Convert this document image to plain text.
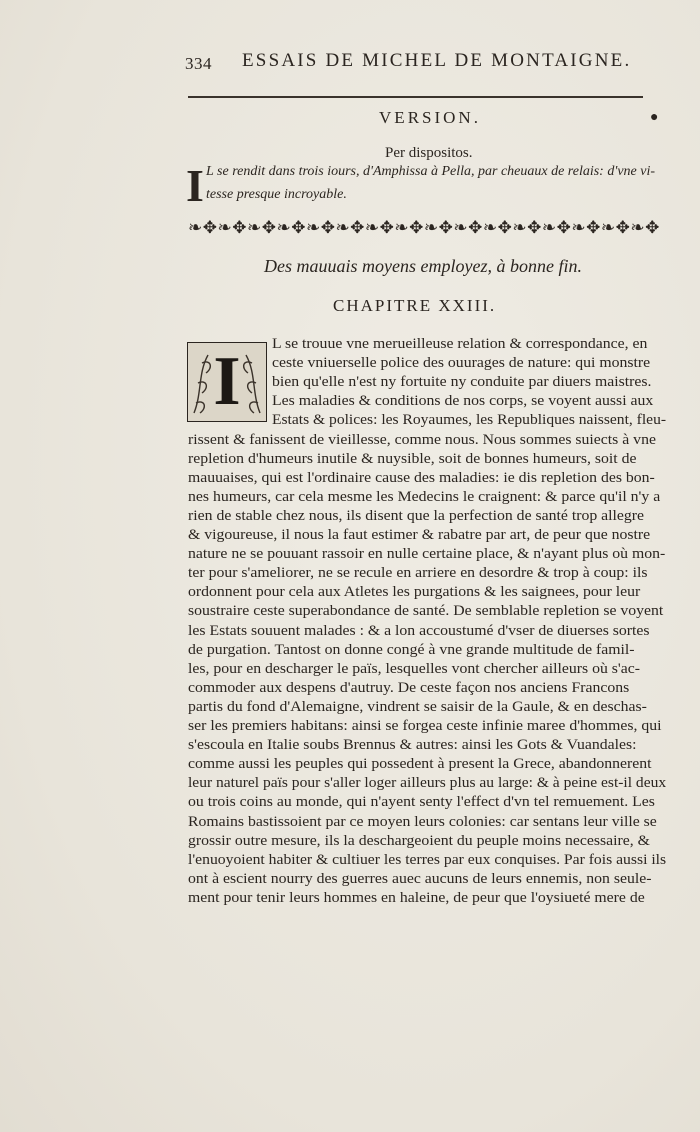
334 ESSAIS DE MICHEL DE MONTAIGNE.
VERSION.	●
Per dispositos.
I L se rendit dans trois iours, d'Amphissa à Pella, par cheuaux de relais: d'vne vi-
tesse presque incroyable.
❧✥❧✥❧✥❧✥❧✥❧✥❧✥❧✥❧✥❧✥❧✥❧✥❧✥❧✥❧✥❧✥
Des mauuais moyens employez, à bonne fin.
CHAPITRE XXIII.
I	L se trouue vne merueilleuse relation & correspondance, en
ceste vniuerselle police des ouurages de nature: qui monstre
bien qu'elle n'est ny fortuite ny conduite par diuers maistres.
Les maladies & conditions de nos corps, se voyent aussi aux
Estats & polices: les Royaumes, les Republiques naissent, fleu-
rissent & fanissent de vieillesse, comme nous. Nous sommes suiects à vne
repletion d'humeurs inutile & nuysible, soit de bonnes humeurs, soit de
mauuaises, qui est l'ordinaire cause des maladies: ie dis repletion des bon-
nes humeurs, car cela mesme les Medecins le craignent: & parce qu'il n'y a
rien de stable chez nous, ils disent que la perfection de santé trop allegre
& vigoureuse, il nous la faut estimer & rabatre par art, de peur que nostre
nature ne se pouuant rassoir en nulle certaine place, & n'ayant plus où mon-
ter pour s'ameliorer, ne se recule en arriere en desordre & trop à coup: ils
ordonnent pour cela aux Atletes les purgations & les saignees, pour leur
soustraire ceste superabondance de santé. De semblable repletion se voyent
les Estats souuent malades : & a lon accoustumé d'vser de diuerses sortes
de purgation. Tantost on donne congé à vne grande multitude de famil-
les, pour en descharger le païs, lesquelles vont chercher ailleurs où s'ac-
commoder aux despens d'autruy. De ceste façon nos anciens Francons
partis du fond d'Alemaigne, vindrent se saisir de la Gaule, & en deschas-
ser les premiers habitans: ainsi se forgea ceste infinie maree d'hommes, qui
s'escoula en Italie soubs Brennus & autres: ainsi les Gots & Vuandales:
comme aussi les peuples qui possedent à present la Grece, abandonnerent
leur naturel païs pour s'aller loger ailleurs plus au large: & à peine est-il deux
ou trois coins au monde, qui n'ayent senty l'effect d'vn tel remuement. Les
Romains bastissoient par ce moyen leurs colonies: car sentans leur ville se
grossir outre mesure, ils la deschargeoient du peuple moins necessaire, &
l'enuoyoient habiter & cultiuer les terres par eux conquises. Par fois aussi ils
ont à escient nourry des guerres auec aucuns de leurs ennemis, non seule-
ment pour tenir leurs hommes en haleine, de peur que l'oysiueté mere de
